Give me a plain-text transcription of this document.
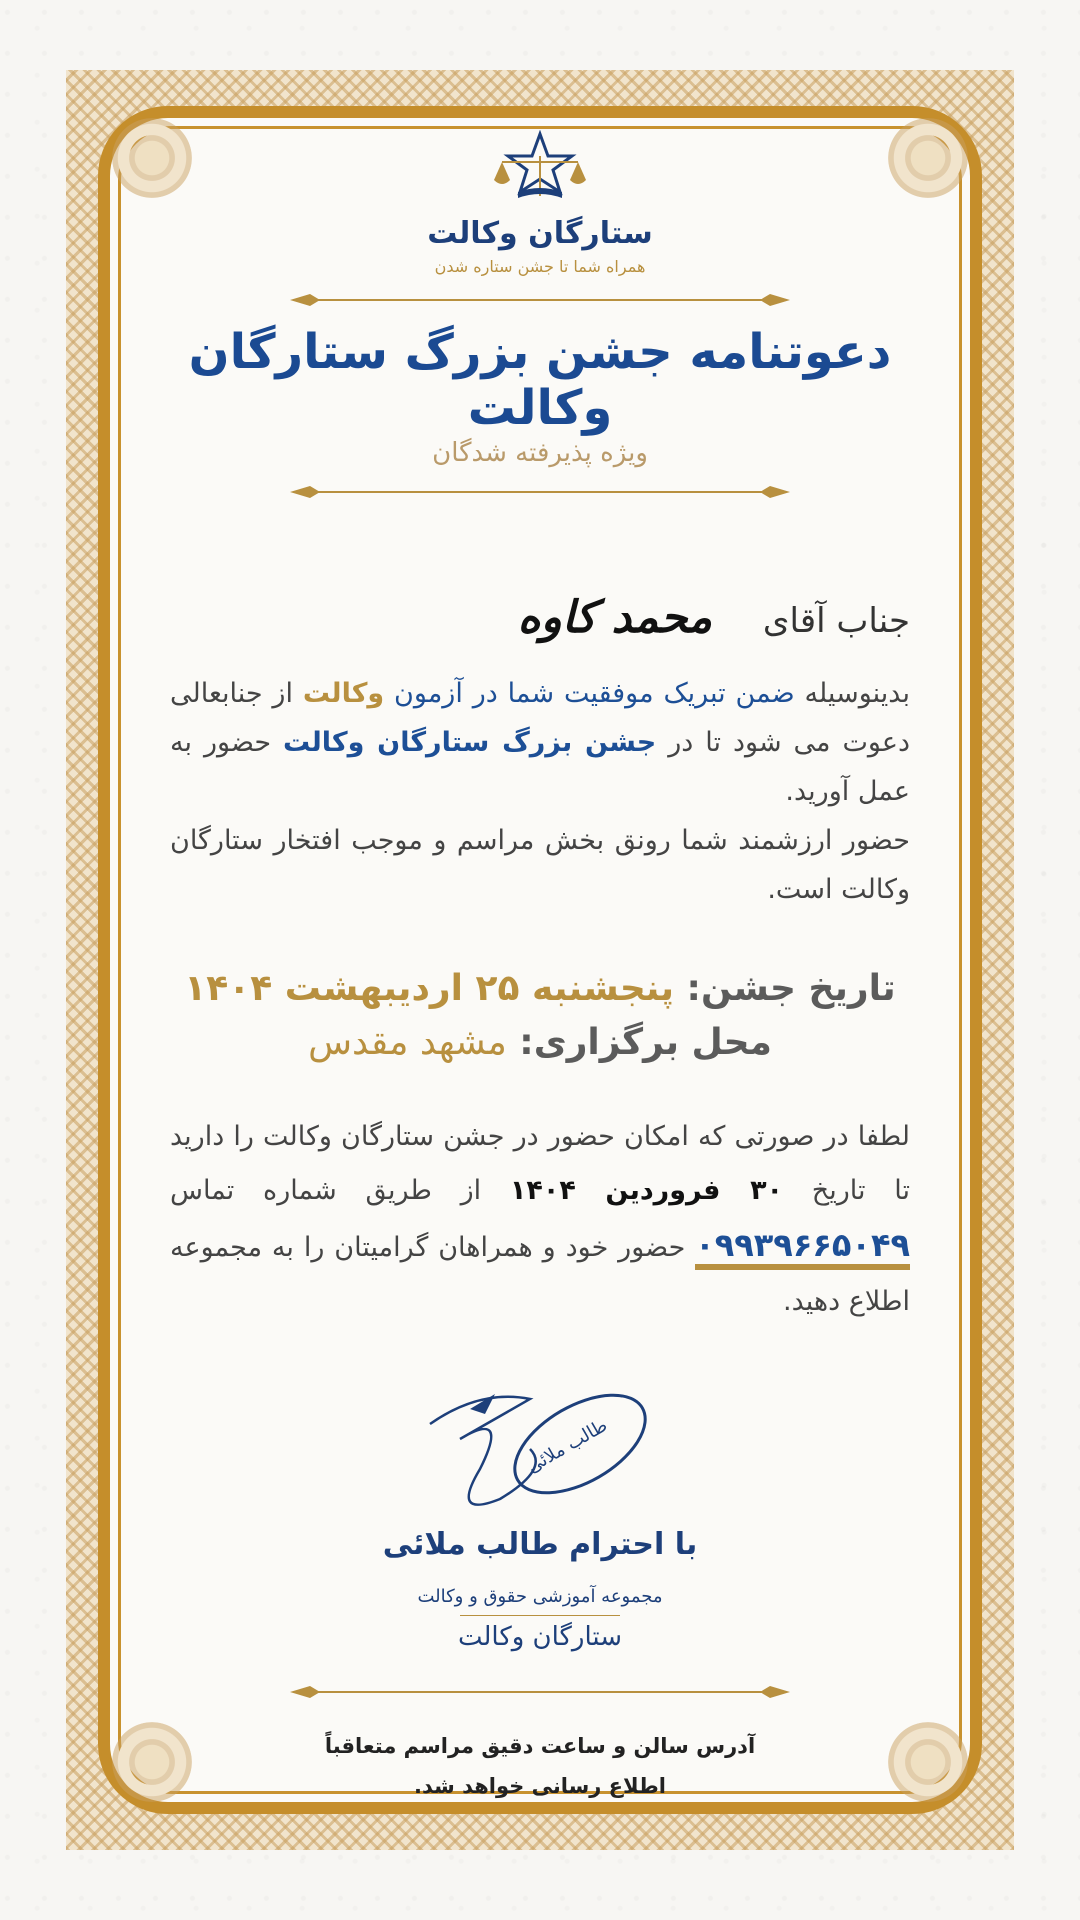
ستارگان وکالت
همراه شما تا جشن ستاره شدن
دعوتنامه جشن بزرگ ستارگان وکالت
ویژه پذیرفته شدگان
جناب آقای محمد کاوه
بدینوسیله ضمن تبریک موفقیت شما در آزمون وکالت از جنابعالی دعوت می شود تا در جشن بزرگ ستارگان وکالت حضور به عمل آورید.
حضور ارزشمند شما رونق بخش مراسم و موجب افتخار ستارگان وکالت است.
تاریخ جشن: پنجشنبه ۲۵ اردیبهشت ۱۴۰۴
محل برگزاری: مشهد مقدس
لطفا در صورتی که امکان حضور در جشن ستارگان وکالت را دارید تا تاریخ ۳۰ فروردین ۱۴۰۴ از طریق شماره تماس ۰۹۹۳۹۶۶۵۰۴۹ حضور خود و همراهان گرامیتان را به مجموعه اطلاع دهید.
طالب ملائی
با احترام طالب ملائی
مجموعه آموزشی حقوق و وکالت
ستارگان وکالت
آدرس سالن و ساعت دقیق مراسم متعاقباً
اطلاع رسانی خواهد شد.
